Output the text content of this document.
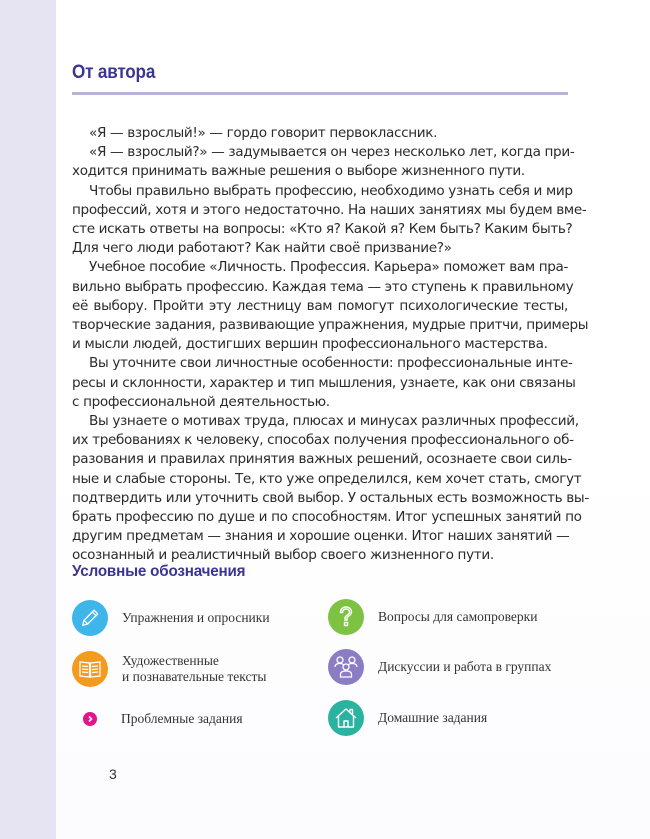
От автора
«Я — взрослый!» — гордо говорит первоклассник.
«Я — взрослый?» — задумывается он через несколько лет, когда при-
ходится принимать важные решения о выборе жизненного пути.
Чтобы правильно выбрать профессию, необходимо узнать себя и мир
профессий, хотя и этого недостаточно. На наших занятиях мы будем вме-
сте искать ответы на вопросы: «Кто я? Какой я? Кем быть? Каким быть?
Для чего люди работают? Как найти своё призвание?»
Учебное пособие «Личность. Профессия. Карьера» поможет вам пра-
вильно выбрать профессию. Каждая тема — это ступень к правильному
её выбору. Пройти эту лестницу вам помогут психологические тесты,
творческие задания, развивающие упражнения, мудрые притчи, примеры
и мысли людей, достигших вершин профессионального мастерства.
Вы уточните свои личностные особенности: профессиональные инте-
ресы и склонности, характер и тип мышления, узнаете, как они связаны
с профессиональной деятельностью.
Вы узнаете о мотивах труда, плюсах и минусах различных профессий,
их требованиях к человеку, способах получения профессионального об-
разования и правилах принятия важных решений, осознаете свои силь-
ные и слабые стороны. Те, кто уже определился, кем хочет стать, смогут
подтвердить или уточнить свой выбор. У остальных есть возможность вы-
брать профессию по душе и по способностям. Итог успешных занятий по
другим предметам — знания и хорошие оценки. Итог наших занятий —
осознанный и реалистичный выбор своего жизненного пути.
Условные обозначения
Упражнения и опросники
Художественные
и познавательные тексты
Проблемные задания
Вопросы для самопроверки
Дискуссии и работа в группах
Домашние задания
3
